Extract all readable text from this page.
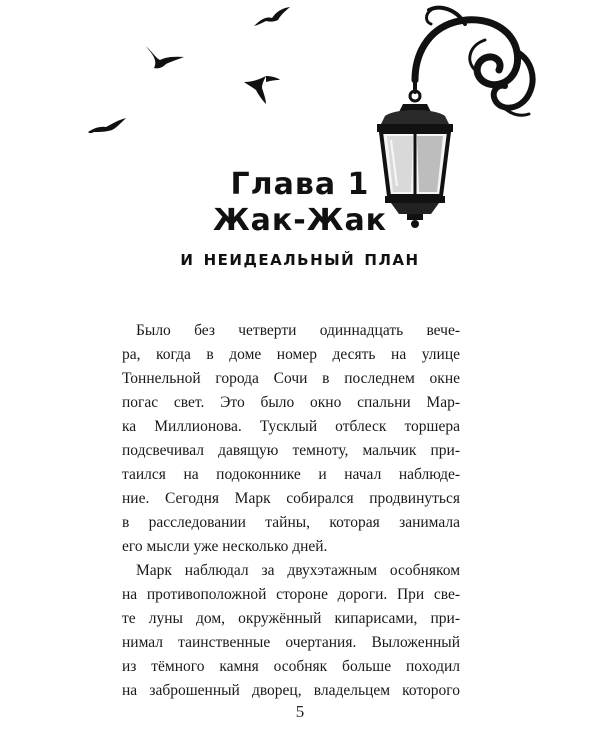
Глава 1
Жак-Жак
и неидеальный план

Было без четверти одиннадцать вече-
ра, когда в доме номер десять на улице
Тоннельной города Сочи в последнем окне
погас свет. Это было окно спальни Мар-
ка Миллионова. Тусклый отблеск торшера
подсвечивал давящую темноту, мальчик при-
таился на подоконнике и начал наблюде-
ние. Сегодня Марк собирался продвинуться
в расследовании тайны, которая занимала
его мысли уже несколько дней.

Марк наблюдал за двухэтажным особняком
на противоположной стороне дороги. При све-
те луны дом, окружённый кипарисами, при-
нимал таинственные очертания. Выложенный
из тёмного камня особняк больше походил
на заброшенный дворец, владельцем которого

5
